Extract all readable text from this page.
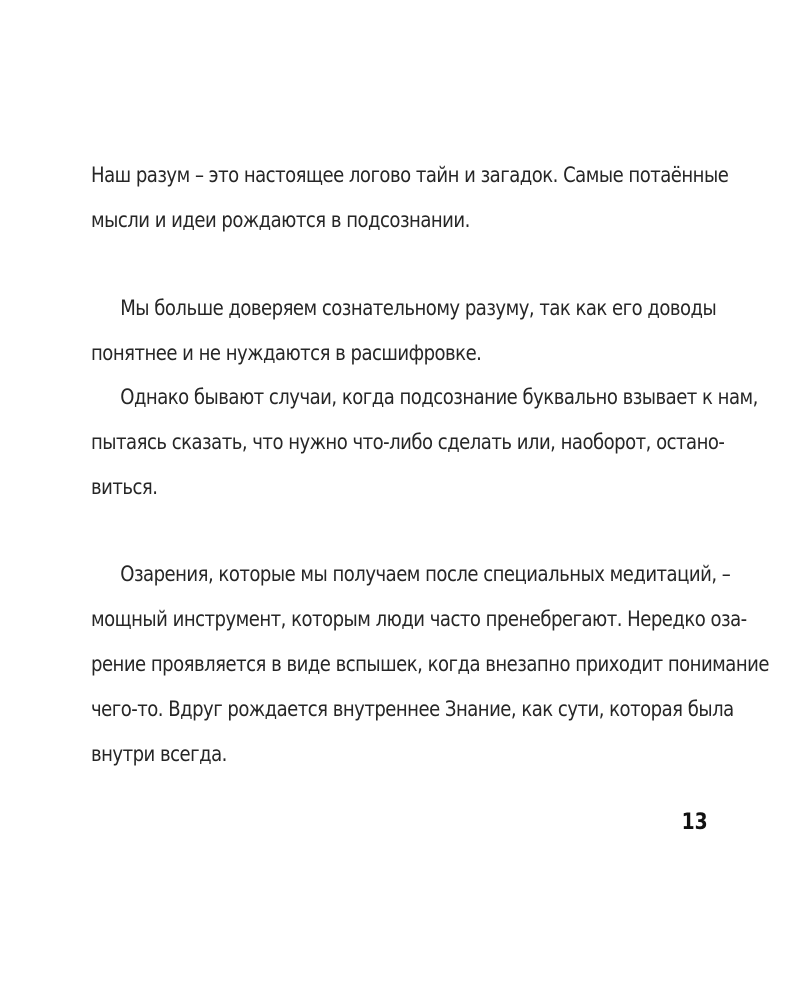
Наш разум – это настоящее логово тайн и загадок. Самые потаённые
мысли и идеи рождаются в подсознании.
Мы больше доверяем сознательному разуму, так как его доводы
понятнее и не нуждаются в расшифровке.
Однако бывают случаи, когда подсознание буквально взывает к нам,
пытаясь сказать, что нужно что-либо сделать или, наоборот, остано-
виться.
Озарения, которые мы получаем после специальных медитаций, –
мощный инструмент, которым люди часто пренебрегают. Нередко оза-
рение проявляется в виде вспышек, когда внезапно приходит понимание
чего-то. Вдруг рождается внутреннее Знание, как сути, которая была
внутри всегда.
13
